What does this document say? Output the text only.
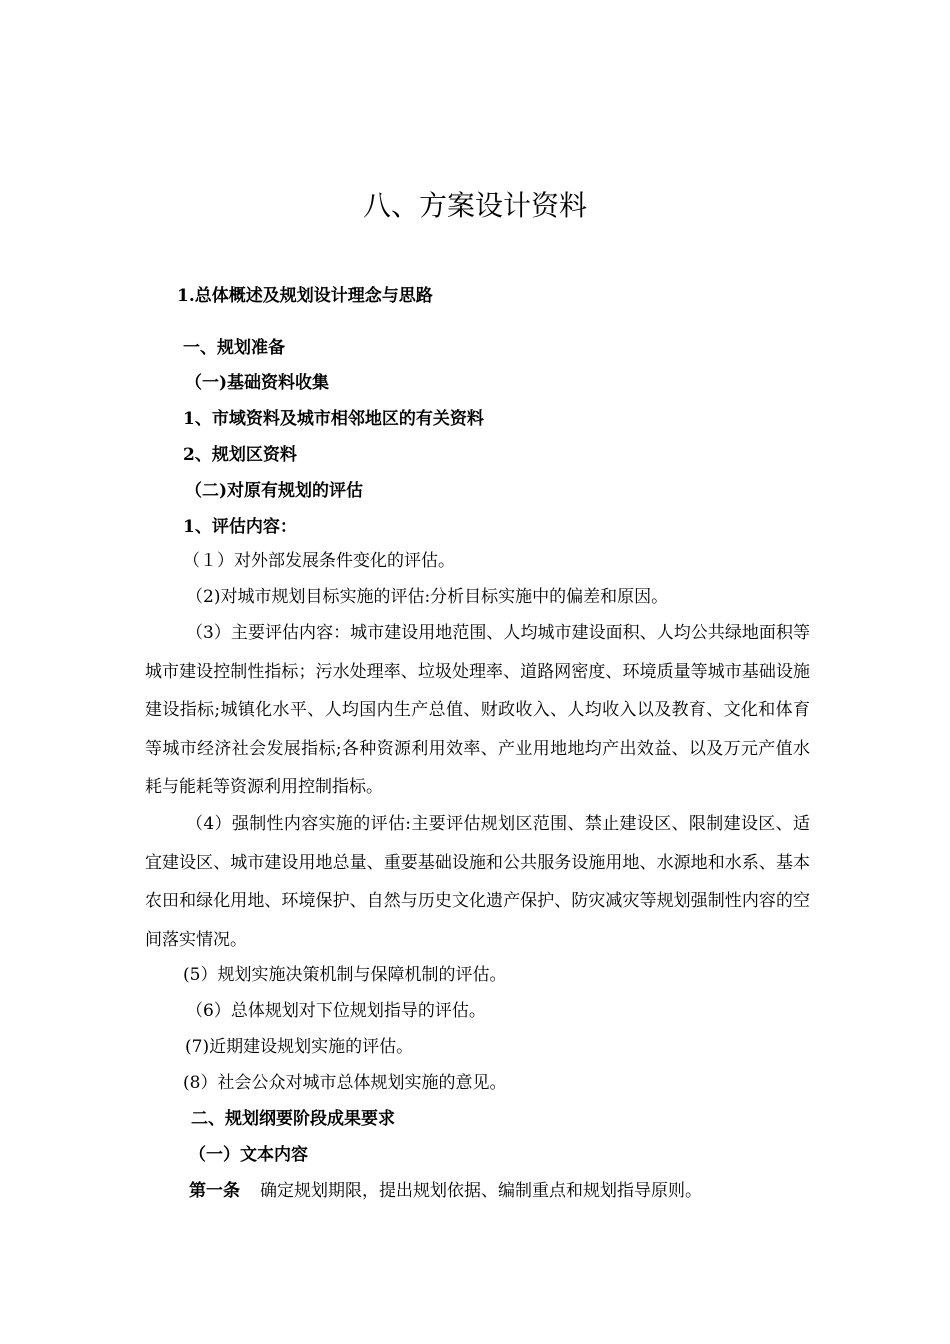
八、方案设计资料
1.总体概述及规划设计理念与思路
一、规划准备
（一)基础资料收集
1、市域资料及城市相邻地区的有关资料
2、规划区资料
（二)对原有规划的评估
1、评估内容：
（１）对外部发展条件变化的评估。
（2)对城市规划目标实施的评估:分析目标实施中的偏差和原因。
（3）主要评估内容：城市建设用地范围、人均城市建设面积、人均公共绿地面积等城市建设控制性指标；污水处理率、垃圾处理率、道路网密度、环境质量等城市基础设施建设指标;城镇化水平、人均国内生产总值、财政收入、人均收入以及教育、文化和体育等城市经济社会发展指标;各种资源利用效率、产业用地地均产出效益、以及万元产值水耗与能耗等资源利用控制指标。
（4）强制性内容实施的评估:主要评估规划区范围、禁止建设区、限制建设区、适宜建设区、城市建设用地总量、重要基础设施和公共服务设施用地、水源地和水系、基本农田和绿化用地、环境保护、自然与历史文化遗产保护、防灾减灾等规划强制性内容的空间落实情况。
(5）规划实施决策机制与保障机制的评估。
（6）总体规划对下位规划指导的评估。
(7)近期建设规划实施的评估。
(8）社会公众对城市总体规划实施的意见。
二、规划纲要阶段成果要求
（一）文本内容
第一条 确定规划期限，提出规划依据、编制重点和规划指导原则。
